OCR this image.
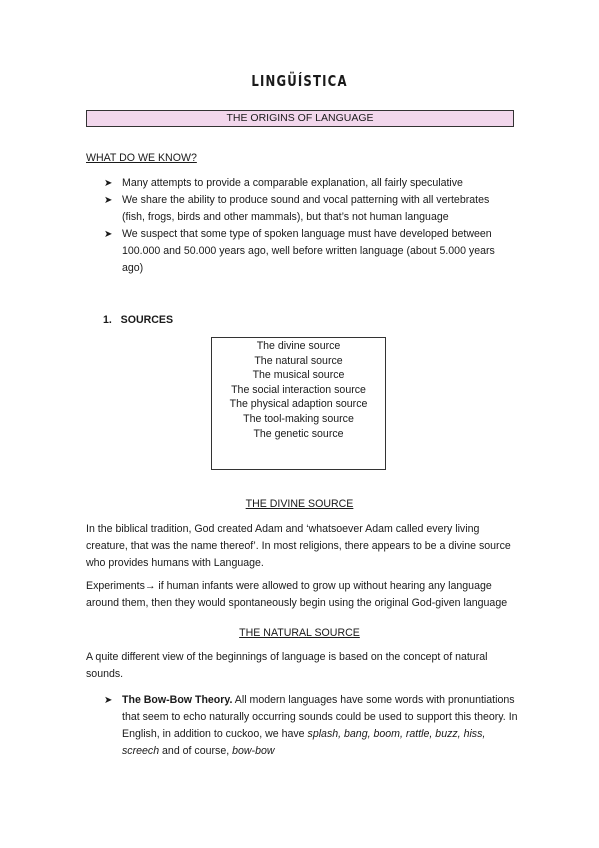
LINGÜÍSTICA
THE ORIGINS OF LANGUAGE
WHAT DO WE KNOW?
➤ Many attempts to provide a comparable explanation, all fairly speculative
➤ We share the ability to produce sound and vocal patterning with all vertebrates (fish, frogs, birds and other mammals), but that’s not human language
➤ We suspect that some type of spoken language must have developed between 100.000 and 50.000 years ago, well before written language (about 5.000 years ago)
1.   SOURCES
The divine source
The natural source
The musical source
The social interaction source
The physical adaption source
The tool-making source
The genetic source
THE DIVINE SOURCE
In the biblical tradition, God created Adam and ‘whatsoever Adam called every living creature, that was the name thereof’. In most religions, there appears to be a divine source who provides humans with Language.
Experiments→ if human infants were allowed to grow up without hearing any language around them, then they would spontaneously begin using the original God-given language
THE NATURAL SOURCE
A quite different view of the beginnings of language is based on the concept of natural sounds.
➤ The Bow-Bow Theory. All modern languages have some words with pronuntiations that seem to echo naturally occurring sounds could be used to support this theory. In English, in addition to cuckoo, we have splash, bang, boom, rattle, buzz, hiss, screech and of course, bow-bow
